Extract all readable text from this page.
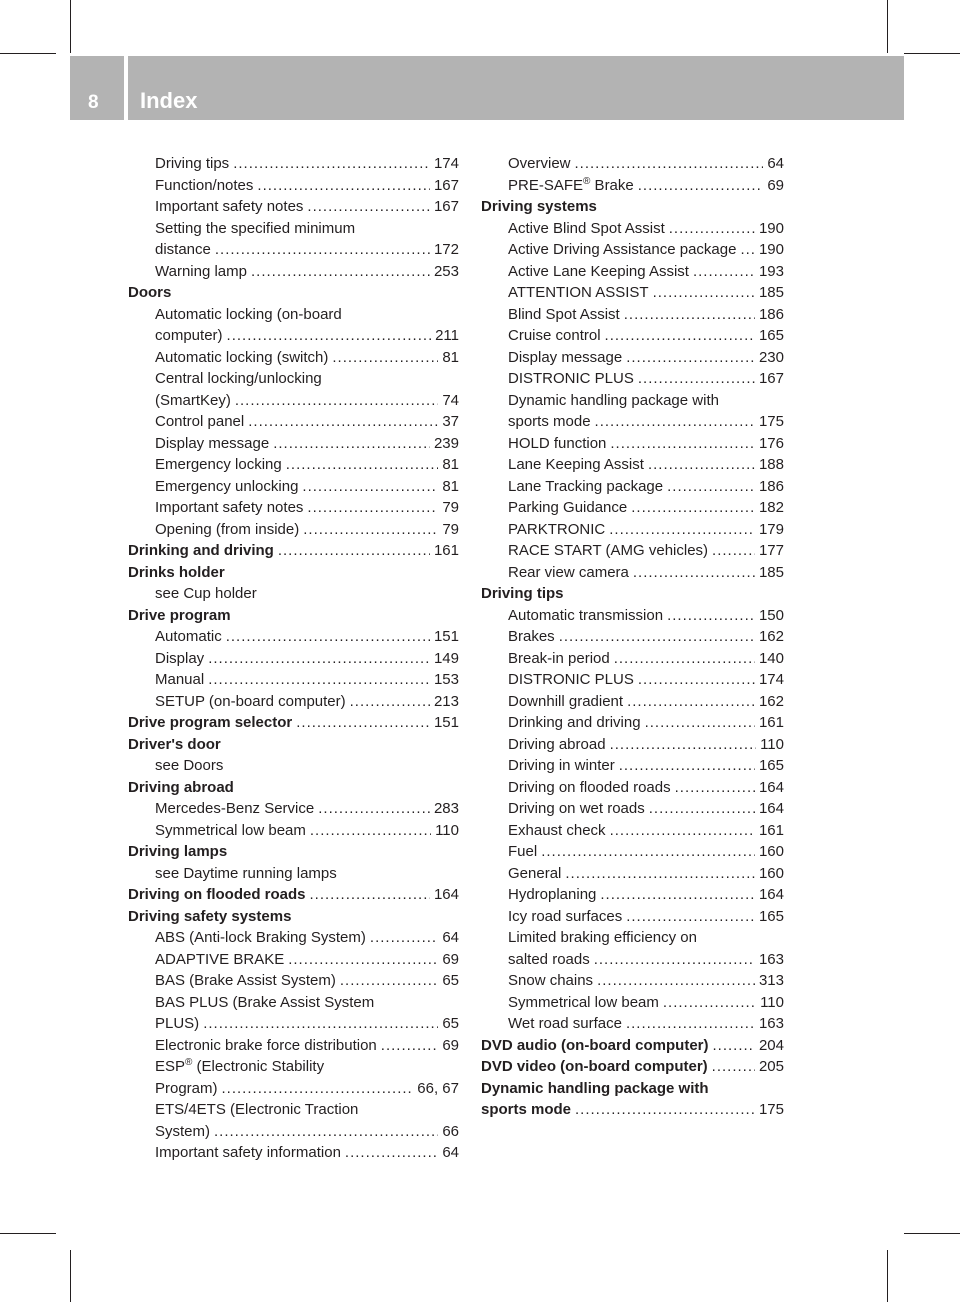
8 Index
Driving tips .....	174
Function/notes .....	167
Important safety notes .....	167
Setting the specified minimum
distance .....	172
Warning lamp .....	253
Doors
Automatic locking (on-board
computer) .....	211
Automatic locking (switch) .....	81
Central locking/unlocking
(SmartKey) .....	74
Control panel .....	37
Display message .....	239
Emergency locking .....	81
Emergency unlocking .....	81
Important safety notes .....	79
Opening (from inside) .....	79
Drinking and driving .....	161
Drinks holder
see Cup holder
Drive program
Automatic .....	151
Display .....	149
Manual .....	153
SETUP (on-board computer) .....	213
Drive program selector .....	151
Driver's door
see Doors
Driving abroad
Mercedes-Benz Service .....	283
Symmetrical low beam .....	110
Driving lamps
see Daytime running lamps
Driving on flooded roads .....	164
Driving safety systems
ABS (Anti-lock Braking System) .....	64
ADAPTIVE BRAKE .....	69
BAS (Brake Assist System) .....	65
BAS PLUS (Brake Assist System
PLUS) .....	65
Electronic brake force distribution .....	69
ESP® (Electronic Stability
Program) .....	66, 67
ETS/4ETS (Electronic Traction
System) .....	66
Important safety information .....	64
Overview .....	64
PRE-SAFE® Brake .....	69
Driving systems
Active Blind Spot Assist .....	190
Active Driving Assistance package ..... 190
Active Lane Keeping Assist .....	193
ATTENTION ASSIST .....	185
Blind Spot Assist .....	186
Cruise control .....	165
Display message .....	230
DISTRONIC PLUS .....	167
Dynamic handling package with
sports mode .....	175
HOLD function .....	176
Lane Keeping Assist .....	188
Lane Tracking package .....	186
Parking Guidance .....	182
PARKTRONIC .....	179
RACE START (AMG vehicles) .....	177
Rear view camera .....	185
Driving tips
Automatic transmission .....	150
Brakes .....	162
Break-in period .....	140
DISTRONIC PLUS .....	174
Downhill gradient .....	162
Drinking and driving .....	161
Driving abroad .....	110
Driving in winter .....	165
Driving on flooded roads .....	164
Driving on wet roads .....	164
Exhaust check .....	161
Fuel .....	160
General .....	160
Hydroplaning .....	164
Icy road surfaces .....	165
Limited braking efficiency on
salted roads .....	163
Snow chains .....	313
Symmetrical low beam .....	110
Wet road surface .....	163
DVD audio (on-board computer) .....	204
DVD video (on-board computer) .....	205
Dynamic handling package with
sports mode .....	175
